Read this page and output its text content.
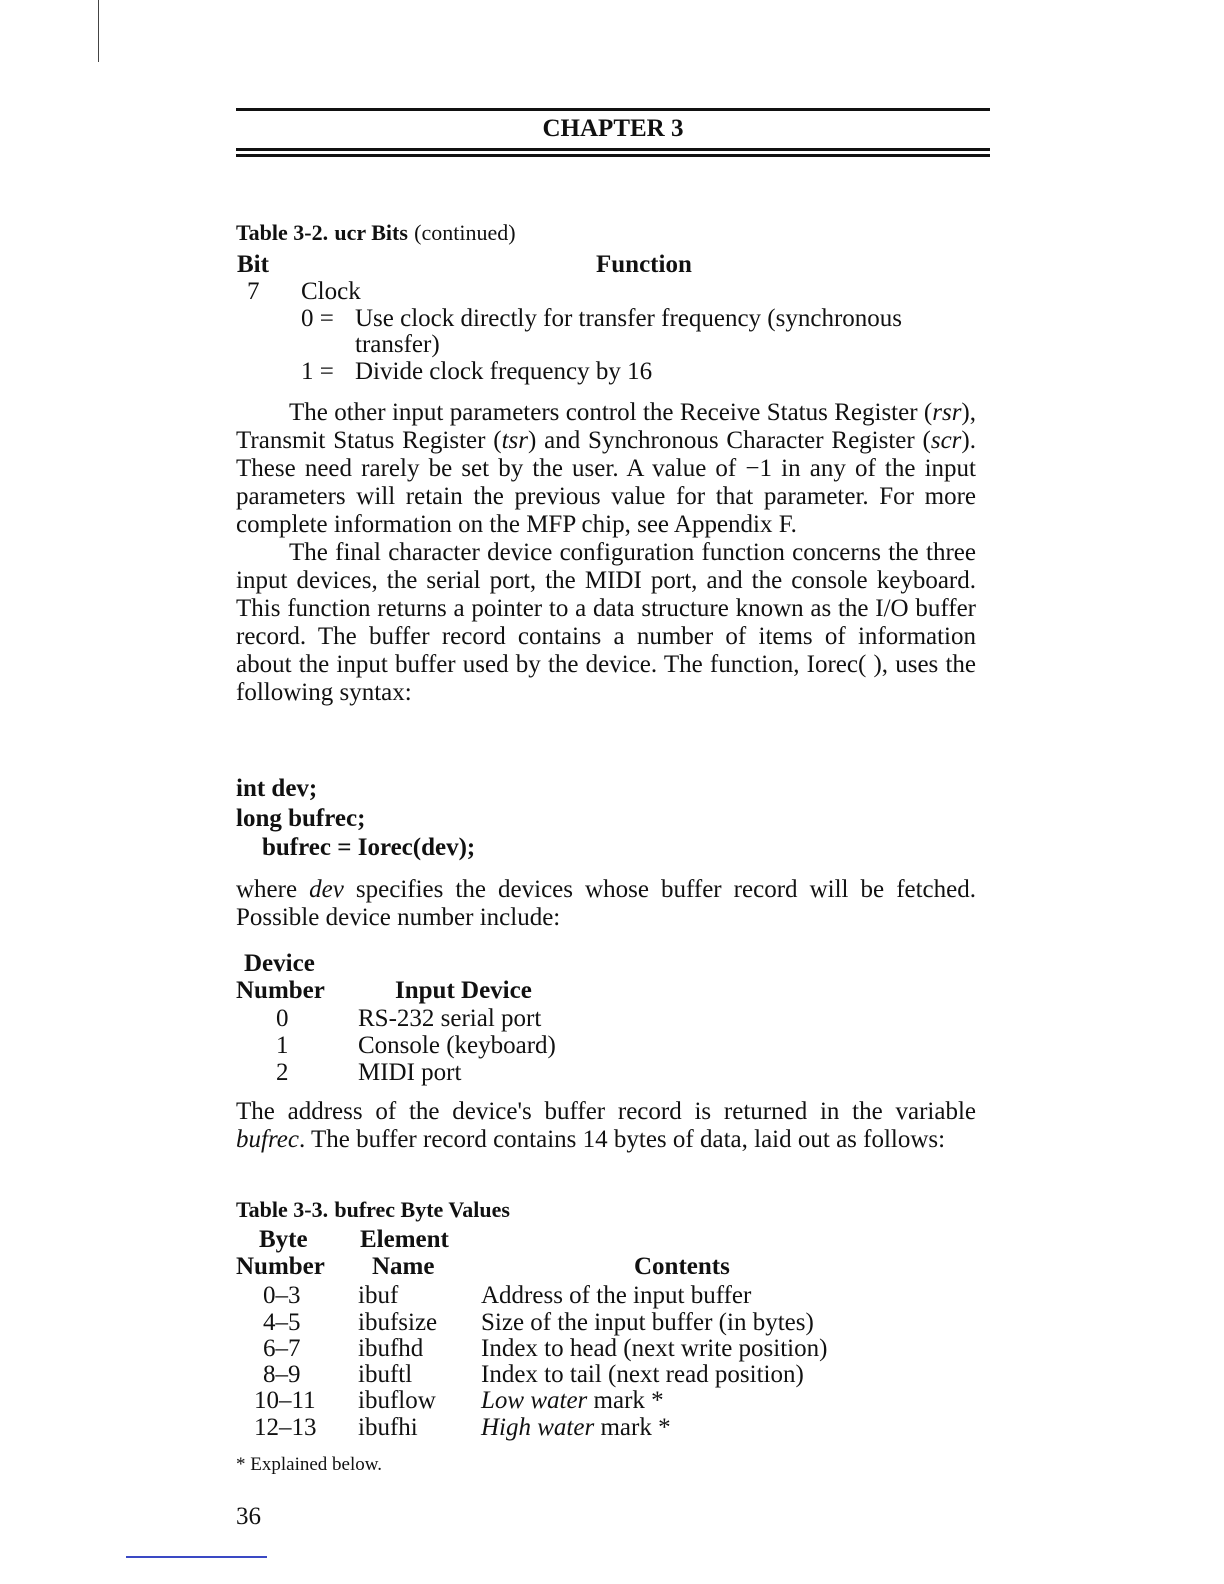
CHAPTER 3
Table 3-2. ucr Bits (continued)
Bit	Function
7 Clock
0 = Use clock directly for transfer frequency (synchronous
transfer)
1 = Divide clock frequency by 16

The other input parameters control the Receive Status Register (rsr), Transmit Status Register (tsr) and Synchronous Character Register (scr). These need rarely be set by the user. A value of −1 in any of the input parameters will retain the previous value for that parameter. For more complete information on the MFP chip, see Appendix F.

The final character device configuration function concerns the three input devices, the serial port, the MIDI port, and the console keyboard. This function returns a pointer to a data structure known as the I/O buffer record. The buffer record contains a number of items of information about the input buffer used by the device. The function, Iorec( ), uses the following syntax:

int dev;
long bufrec;
bufrec = Iorec(dev);

where dev specifies the devices whose buffer record will be fetched. Possible device number include:

Device
Number	Input Device
0	RS-232 serial port
1	Console (keyboard)
2	MIDI port

The address of the device's buffer record is returned in the variable bufrec. The buffer record contains 14 bytes of data, laid out as follows:

Table 3-3. bufrec Byte Values
Byte Element
Number Name	Contents
0–3 ibuf	Address of the input buffer
4–5 ibufsize Size of the input buffer (in bytes)
6–7 ibufhd Index to head (next write position)
8–9 ibuftl	Index to tail (next read position)
10–11 ibuflow Low water mark *
12–13 ibufhi	High water mark *
* Explained below.
36
